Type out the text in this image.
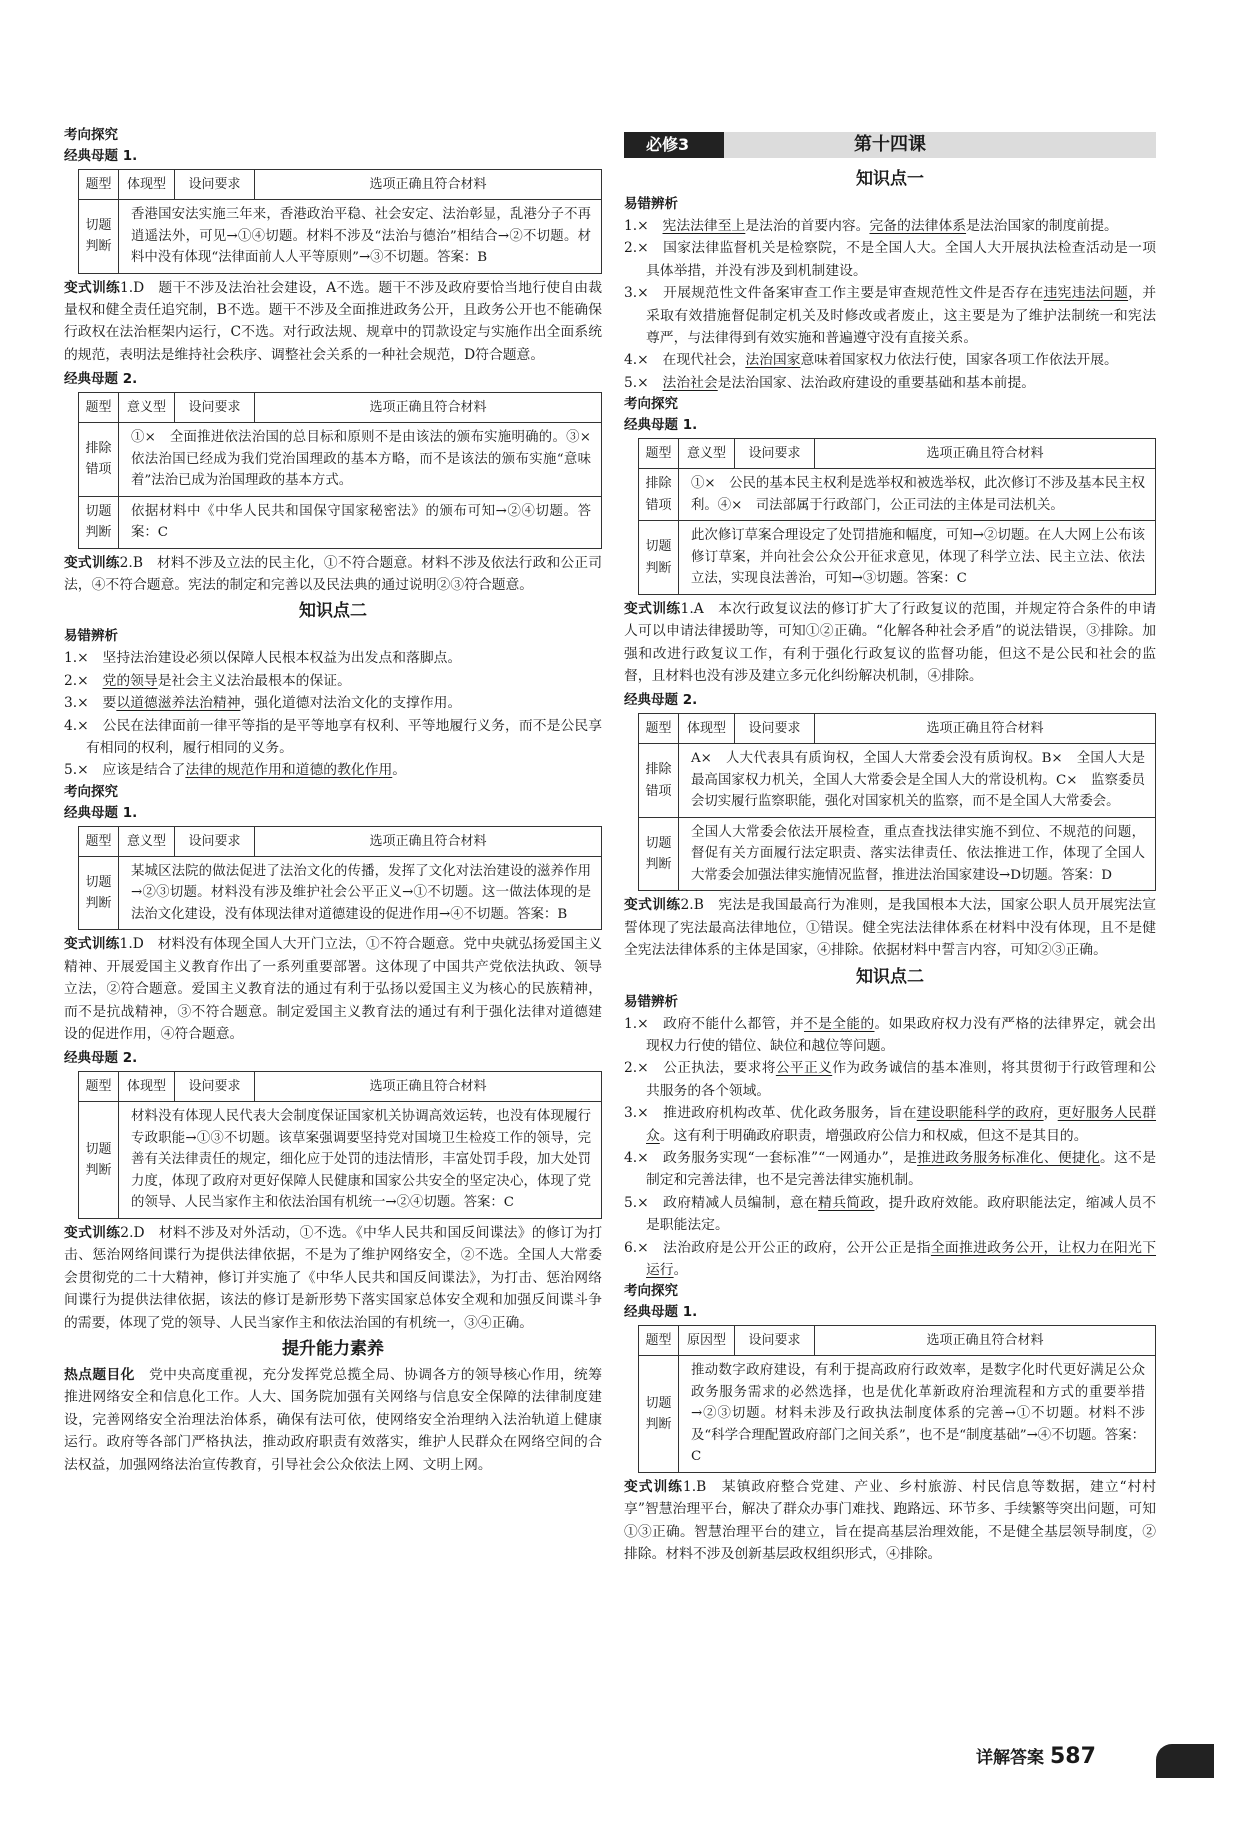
考向探究
经典母题 1.
题型	体现型	设问要求	选项正确且符合材料
切题判断	香港国安法实施三年来，香港政治平稳、社会安定、法治彰显，乱港分子不再逍遥法外，可见→①④切题。材料不涉及“法治与德治”相结合→②不切题。材料中没有体现“法律面前人人平等原则”→③不切题。答案：B		
变式训练1.D　题干不涉及法治社会建设，A不选。题干不涉及政府要恰当地行使自由裁量权和健全责任追究制，B不选。题干不涉及全面推进政务公开，且政务公开也不能确保行政权在法治框架内运行，C不选。对行政法规、规章中的罚款设定与实施作出全面系统的规范，表明法是维持社会秩序、调整社会关系的一种社会规范，D符合题意。
经典母题 2.
题型	意义型	设问要求	选项正确且符合材料
排除错项	①×　全面推进依法治国的总目标和原则不是由该法的颁布实施明确的。③×　依法治国已经成为我们党治国理政的基本方略，而不是该法的颁布实施“意味着”法治已成为治国理政的基本方式。		
切题判断	依据材料中《中华人民共和国保守国家秘密法》的颁布可知→②④切题。答案：C		
变式训练2.B　材料不涉及立法的民主化，①不符合题意。材料不涉及依法行政和公正司法，④不符合题意。宪法的制定和完善以及民法典的通过说明②③符合题意。
知识点二
易错辨析
1.×　坚持法治建设必须以保障人民根本权益为出发点和落脚点。
2.×　党的领导是社会主义法治最根本的保证。
3.×　要以道德滋养法治精神，强化道德对法治文化的支撑作用。
4.×　公民在法律面前一律平等指的是平等地享有权利、平等地履行义务，而不是公民享有相同的权利，履行相同的义务。
5.×　应该是结合了法律的规范作用和道德的教化作用。
考向探究
经典母题 1.
题型	意义型	设问要求	选项正确且符合材料
切题判断	某城区法院的做法促进了法治文化的传播，发挥了文化对法治建设的滋养作用→②③切题。材料没有涉及维护社会公平正义→①不切题。这一做法体现的是法治文化建设，没有体现法律对道德建设的促进作用→④不切题。答案：B		
变式训练1.D　材料没有体现全国人大开门立法，①不符合题意。党中央就弘扬爱国主义精神、开展爱国主义教育作出了一系列重要部署。这体现了中国共产党依法执政、领导立法，②符合题意。爱国主义教育法的通过有利于弘扬以爱国主义为核心的民族精神，而不是抗战精神，③不符合题意。制定爱国主义教育法的通过有利于强化法律对道德建设的促进作用，④符合题意。
经典母题 2.
题型	体现型	设问要求	选项正确且符合材料
切题判断	材料没有体现人民代表大会制度保证国家机关协调高效运转，也没有体现履行专政职能→①③不切题。该草案强调要坚持党对国境卫生检疫工作的领导，完善有关法律责任的规定，细化应于处罚的违法情形，丰富处罚手段，加大处罚力度，体现了政府对更好保障人民健康和国家公共安全的坚定决心，体现了党的领导、人民当家作主和依法治国有机统一→②④切题。答案：C		
变式训练2.D　材料不涉及对外活动，①不选。《中华人民共和国反间谍法》的修订为打击、惩治网络间谍行为提供法律依据，不是为了维护网络安全，②不选。全国人大常委会贯彻党的二十大精神，修订并实施了《中华人民共和国反间谍法》，为打击、惩治网络间谍行为提供法律依据，该法的修订是新形势下落实国家总体安全观和加强反间谍斗争的需要，体现了党的领导、人民当家作主和依法治国的有机统一，③④正确。
提升能力素养
热点题目化　 党中央高度重视，充分发挥党总揽全局、协调各方的领导核心作用，统筹推进网络安全和信息化工作。人大、国务院加强有关网络与信息安全保障的法律制度建设，完善网络安全治理法治体系，确保有法可依，使网络安全治理纳入法治轨道上健康运行。政府等各部门严格执法，推动政府职责有效落实，维护人民群众在网络空间的合法权益，加强网络法治宣传教育，引导社会公众依法上网、文明上网。
必修3	第十四课
知识点一
易错辨析
1.×　宪法法律至上是法治的首要内容。完备的法律体系是法治国家的制度前提。
2.×　国家法律监督机关是检察院，不是全国人大。全国人大开展执法检查活动是一项具体举措，并没有涉及到机制建设。
3.×　开展规范性文件备案审查工作主要是审查规范性文件是否存在违宪违法问题，并采取有效措施督促制定机关及时修改或者废止，这主要是为了维护法制统一和宪法尊严，与法律得到有效实施和普遍遵守没有直接关系。
4.×　在现代社会，法治国家意味着国家权力依法行使，国家各项工作依法开展。
5.×　法治社会是法治国家、法治政府建设的重要基础和基本前提。
考向探究
经典母题 1.
题型	意义型	设问要求	选项正确且符合材料
排除错项	①×　公民的基本民主权利是选举权和被选举权，此次修订不涉及基本民主权利。④×　司法部属于行政部门，公正司法的主体是司法机关。		
切题判断	此次修订草案合理设定了处罚措施和幅度，可知→②切题。在人大网上公布该修订草案，并向社会公众公开征求意见，体现了科学立法、民主立法、依法立法，实现良法善治，可知→③切题。答案：C		
变式训练1.A　本次行政复议法的修订扩大了行政复议的范围，并规定符合条件的申请人可以申请法律援助等，可知①②正确。“化解各种社会矛盾”的说法错误，③排除。加强和改进行政复议工作，有利于强化行政复议的监督功能，但这不是公民和社会的监督，且材料也没有涉及建立多元化纠纷解决机制，④排除。
经典母题 2.
题型	体现型	设问要求	选项正确且符合材料
排除错项	A×　人大代表具有质询权，全国人大常委会没有质询权。B×　全国人大是最高国家权力机关，全国人大常委会是全国人大的常设机构。C×　监察委员会切实履行监察职能，强化对国家机关的监察，而不是全国人大常委会。		
切题判断	全国人大常委会依法开展检查，重点查找法律实施不到位、不规范的问题，督促有关方面履行法定职责、落实法律责任、依法推进工作，体现了全国人大常委会加强法律实施情况监督，推进法治国家建设→D切题。答案：D		
变式训练2.B　宪法是我国最高行为准则，是我国根本大法，国家公职人员开展宪法宣誓体现了宪法最高法律地位，①错误。健全宪法法律体系在材料中没有体现，且不是健全宪法法律体系的主体是国家，④排除。依据材料中誓言内容，可知②③正确。
知识点二
易错辨析
1.×　政府不能什么都管，并不是全能的。如果政府权力没有严格的法律界定，就会出现权力行使的错位、缺位和越位等问题。
2.×　公正执法，要求将公平正义作为政务诚信的基本准则，将其贯彻于行政管理和公共服务的各个领域。
3.×　推进政府机构改革、优化政务服务，旨在建设职能科学的政府，更好服务人民群众。这有利于明确政府职责，增强政府公信力和权威，但这不是其目的。
4.×　政务服务实现“一套标准”“一网通办”，是推进政务服务标准化、便捷化。这不是制定和完善法律，也不是完善法律实施机制。
5.×　政府精减人员编制，意在精兵简政，提升政府效能。政府职能法定，缩减人员不是职能法定。
6.×　法治政府是公开公正的政府，公开公正是指全面推进政务公开，让权力在阳光下运行。
考向探究
经典母题 1.
题型	原因型	设问要求	选项正确且符合材料
切题判断	推动数字政府建设，有利于提高政府行政效率，是数字化时代更好满足公众政务服务需求的必然选择，也是优化革新政府治理流程和方式的重要举措→②③切题。材料未涉及行政执法制度体系的完善→①不切题。材料不涉及“科学合理配置政府部门之间关系”，也不是“制度基础”→④不切题。答案：C		
变式训练1.B　某镇政府整合党建、产业、乡村旅游、村民信息等数据，建立“村村享”智慧治理平台，解决了群众办事门难找、跑路远、环节多、手续繁等突出问题，可知①③正确。智慧治理平台的建立，旨在提高基层治理效能，不是健全基层领导制度，②排除。材料不涉及创新基层政权组织形式，④排除。
详解答案 587
